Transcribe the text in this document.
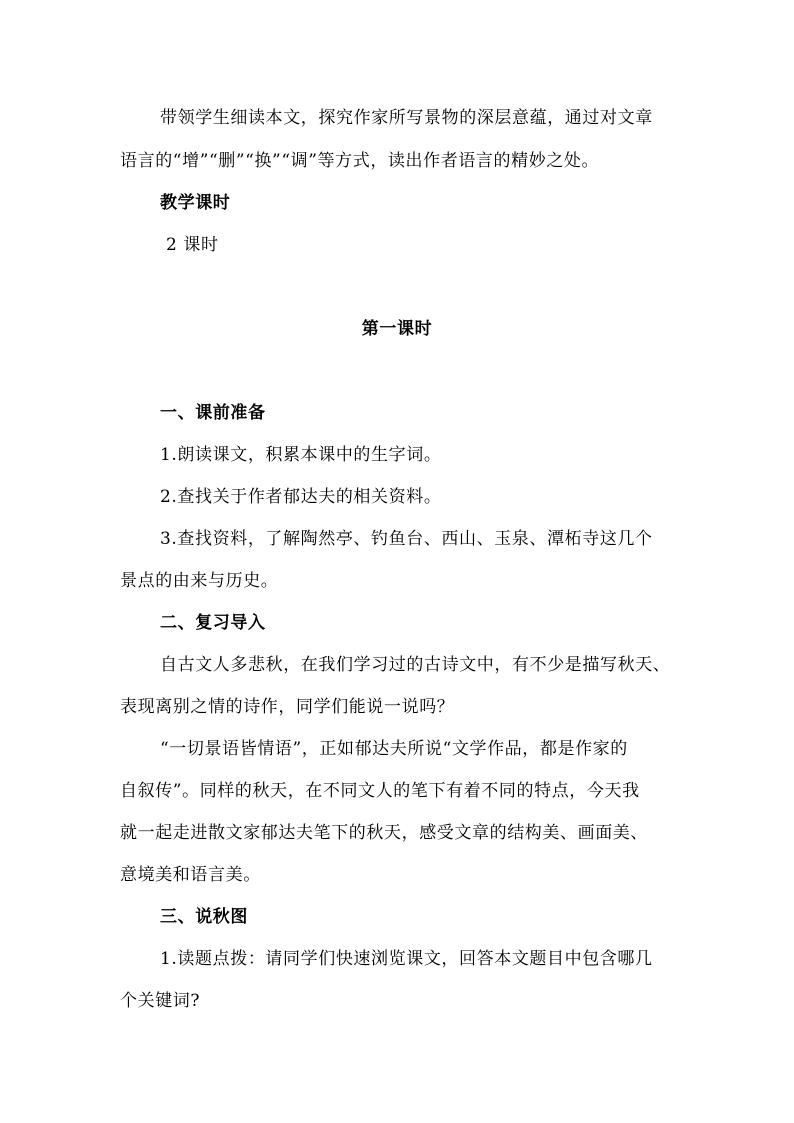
带领学生细读本文，探究作家所写景物的深层意蕴，通过对文章
语言的“增”“删”“换”“调”等方式，读出作者语言的精妙之处。
教学课时
2 课时
第一课时
一、课前准备
1.朗读课文，积累本课中的生字词。
2.查找关于作者郁达夫的相关资料。
3.查找资料，了解陶然亭、钓鱼台、西山、玉泉、潭柘寺这几个
景点的由来与历史。
二、复习导入
自古文人多悲秋，在我们学习过的古诗文中，有不少是描写秋天、
表现离别之情的诗作，同学们能说一说吗？
“一切景语皆情语”，正如郁达夫所说“文学作品，都是作家的
自叙传”。同样的秋天，在不同文人的笔下有着不同的特点，今天我
就一起走进散文家郁达夫笔下的秋天，感受文章的结构美、画面美、
意境美和语言美。
三、说秋图
1.读题点拨：请同学们快速浏览课文，回答本文题目中包含哪几
个关键词?
